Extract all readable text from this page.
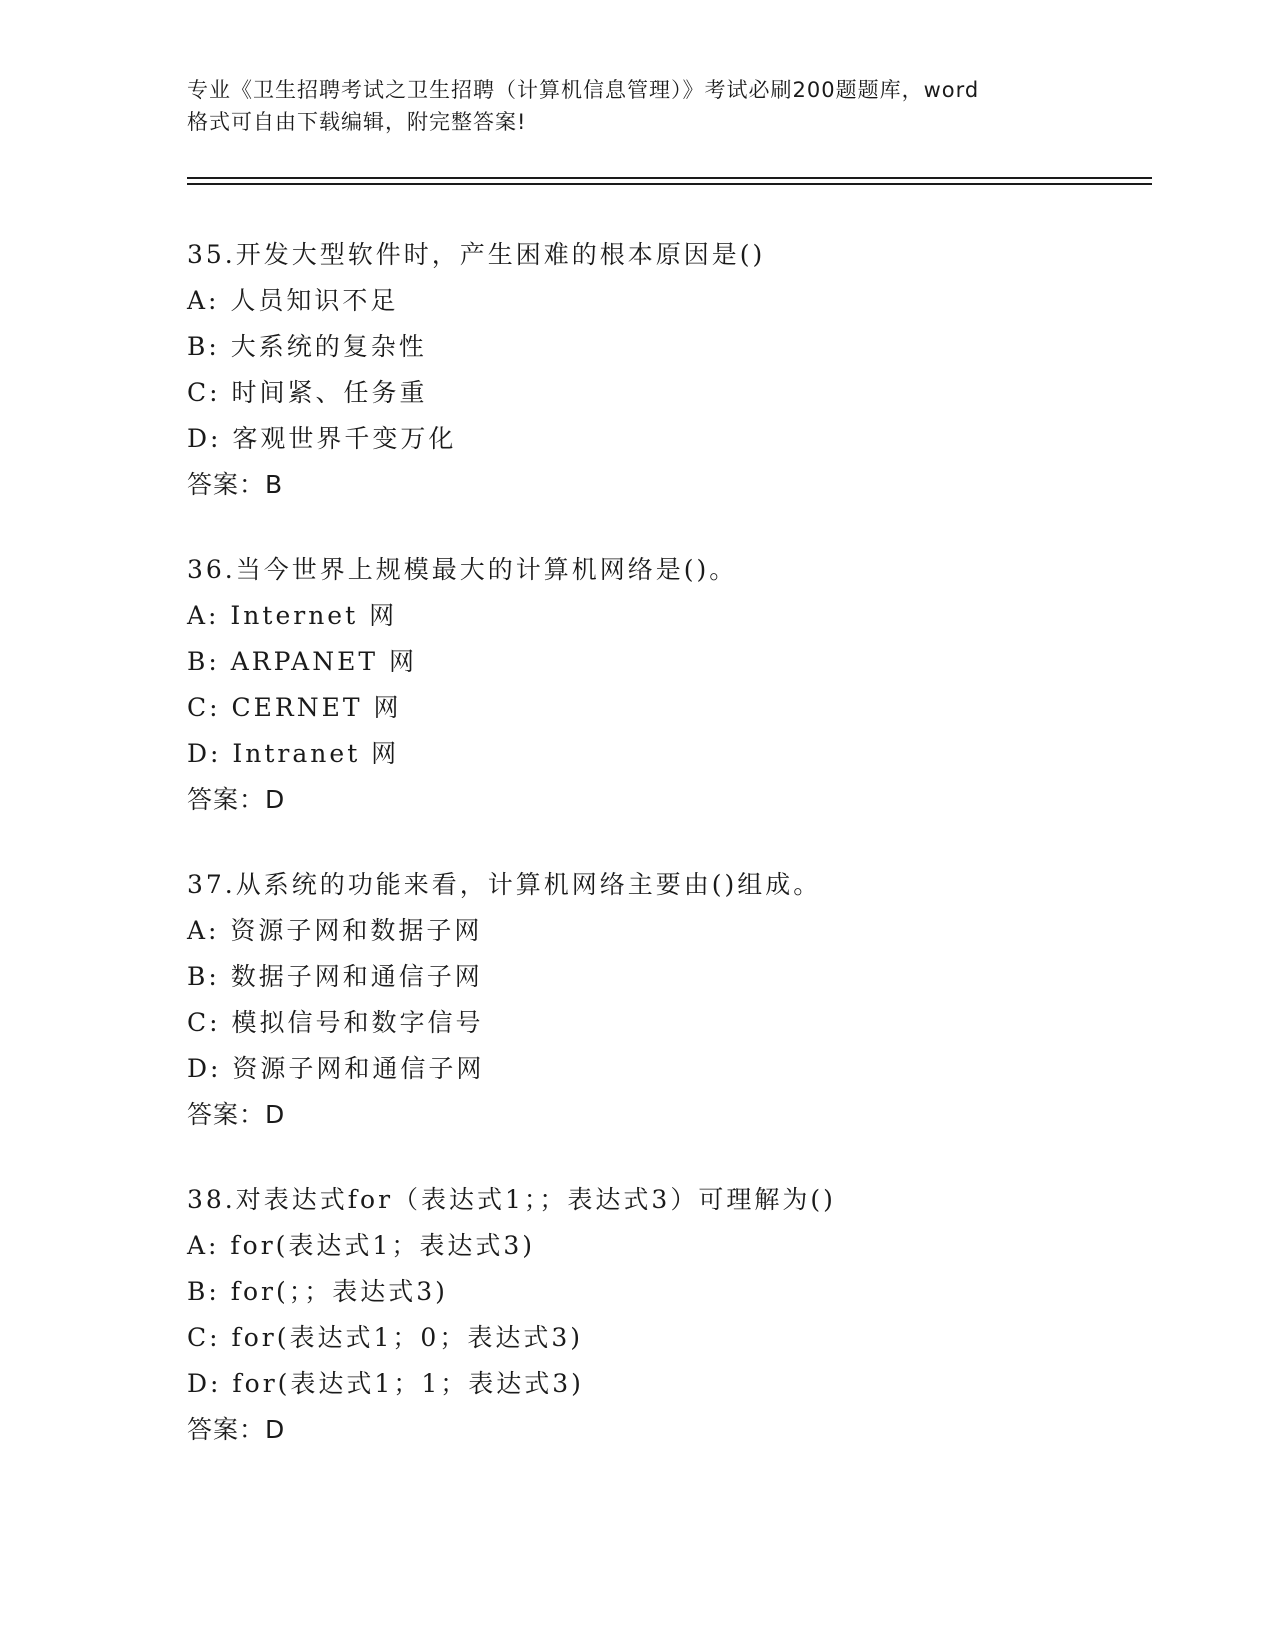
专业《卫生招聘考试之卫生招聘（计算机信息管理）》考试必刷200题题库，word
格式可自由下载编辑，附完整答案!
35.开发大型软件时，产生困难的根本原因是()
A: 人员知识不足
B: 大系统的复杂性
C: 时间紧、任务重
D: 客观世界千变万化
答案：B
36.当今世界上规模最大的计算机网络是()。
A: Internet 网
B: ARPANET 网
C: CERNET 网
D: Intranet 网
答案：D
37.从系统的功能来看，计算机网络主要由()组成。
A: 资源子网和数据子网
B: 数据子网和通信子网
C: 模拟信号和数字信号
D: 资源子网和通信子网
答案：D
38.对表达式for（表达式1；；表达式3）可理解为()
A: for(表达式1；表达式3)
B: for(；；表达式3)
C: for(表达式1；0；表达式3)
D: for(表达式1；1；表达式3)
答案：D
